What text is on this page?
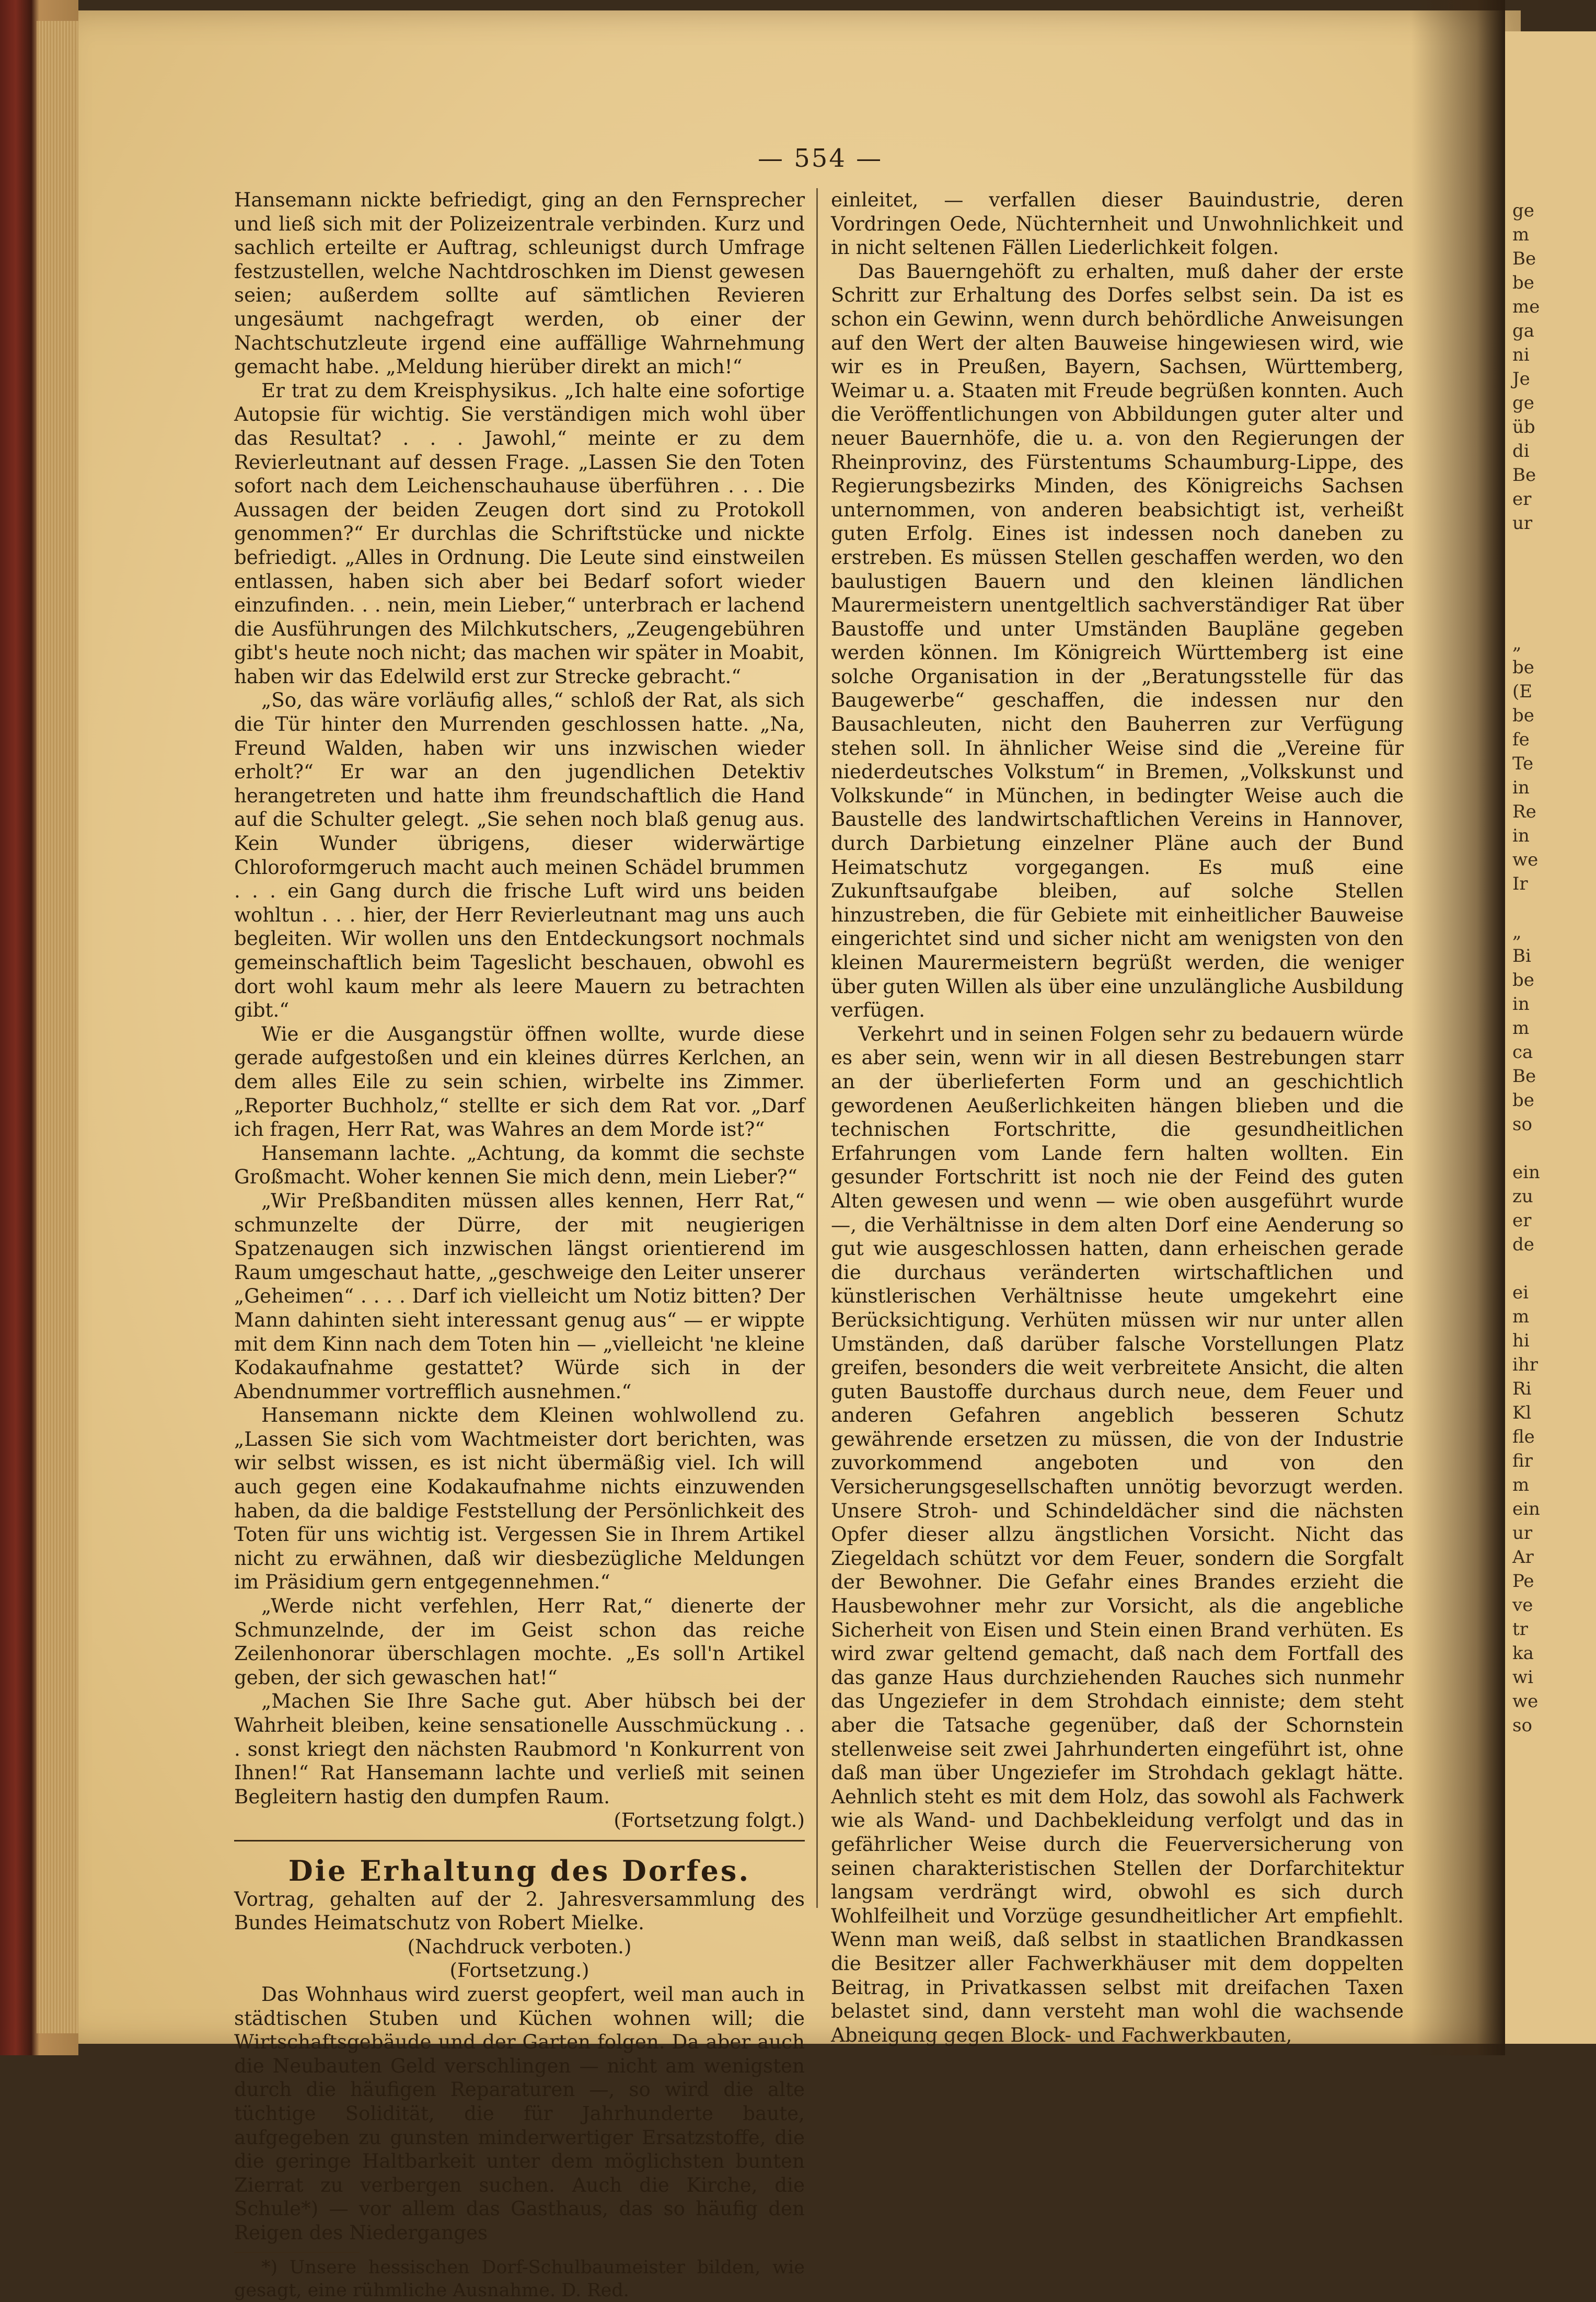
— 554 —

Hansemann nickte befriedigt, ging an den Fernsprecher und ließ sich mit der Polizeizentrale verbinden. Kurz und sachlich erteilte er Auftrag, schleunigst durch Umfrage festzustellen, welche Nachtdroschken im Dienst gewesen seien; außerdem sollte auf sämtlichen Revieren ungesäumt nachgefragt werden, ob einer der Nachtschutzleute irgend eine auffällige Wahrnehmung gemacht habe. „Meldung hierüber direkt an mich!“

Er trat zu dem Kreisphysikus. „Ich halte eine sofortige Autopsie für wichtig. Sie verständigen mich wohl über das Resultat? . . . Jawohl,“ meinte er zu dem Revierleutnant auf dessen Frage. „Lassen Sie den Toten sofort nach dem Leichenschauhause überführen . . . Die Aussagen der beiden Zeugen dort sind zu Protokoll genommen?“ Er durchlas die Schriftstücke und nickte befriedigt. „Alles in Ordnung. Die Leute sind einstweilen entlassen, haben sich aber bei Bedarf sofort wieder einzufinden. . . nein, mein Lieber,“ unterbrach er lachend die Ausführungen des Milchkutschers, „Zeugengebühren gibt's heute noch nicht; das machen wir später in Moabit, haben wir das Edelwild erst zur Strecke gebracht.“

„So, das wäre vorläufig alles,“ schloß der Rat, als sich die Tür hinter den Murrenden geschlossen hatte. „Na, Freund Walden, haben wir uns inzwischen wieder erholt?“ Er war an den jugendlichen Detektiv herangetreten und hatte ihm freundschaftlich die Hand auf die Schulter gelegt. „Sie sehen noch blaß genug aus. Kein Wunder übrigens, dieser widerwärtige Chloroformgeruch macht auch meinen Schädel brummen . . . ein Gang durch die frische Luft wird uns beiden wohltun . . . hier, der Herr Revierleutnant mag uns auch begleiten. Wir wollen uns den Entdeckungsort nochmals gemeinschaftlich beim Tageslicht beschauen, obwohl es dort wohl kaum mehr als leere Mauern zu betrachten gibt.“

Wie er die Ausgangstür öffnen wollte, wurde diese gerade aufgestoßen und ein kleines dürres Kerlchen, an dem alles Eile zu sein schien, wirbelte ins Zimmer. „Reporter Buchholz,“ stellte er sich dem Rat vor. „Darf ich fragen, Herr Rat, was Wahres an dem Morde ist?“

Hansemann lachte. „Achtung, da kommt die sechste Großmacht. Woher kennen Sie mich denn, mein Lieber?“

„Wir Preßbanditen müssen alles kennen, Herr Rat,“ schmunzelte der Dürre, der mit neugierigen Spatzenaugen sich inzwischen längst orientierend im Raum umgeschaut hatte, „geschweige den Leiter unserer „Geheimen“ . . . . Darf ich vielleicht um Notiz bitten? Der Mann dahinten sieht interessant genug aus“ — er wippte mit dem Kinn nach dem Toten hin — „vielleicht 'ne kleine Kodakaufnahme gestattet? Würde sich in der Abendnummer vortrefflich ausnehmen.“

Hansemann nickte dem Kleinen wohlwollend zu. „Lassen Sie sich vom Wachtmeister dort berichten, was wir selbst wissen, es ist nicht übermäßig viel. Ich will auch gegen eine Kodakaufnahme nichts einzuwenden haben, da die baldige Feststellung der Persönlichkeit des Toten für uns wichtig ist. Vergessen Sie in Ihrem Artikel nicht zu erwähnen, daß wir diesbezügliche Meldungen im Präsidium gern entgegennehmen.“

„Werde nicht verfehlen, Herr Rat,“ dienerte der Schmunzelnde, der im Geist schon das reiche Zeilenhonorar überschlagen mochte. „Es soll'n Artikel geben, der sich gewaschen hat!“

„Machen Sie Ihre Sache gut. Aber hübsch bei der Wahrheit bleiben, keine sensationelle Ausschmückung . . . sonst kriegt den nächsten Raubmord 'n Konkurrent von Ihnen!“ Rat Hansemann lachte und verließ mit seinen Begleitern hastig den dumpfen Raum.

(Fortsetzung folgt.)

Die Erhaltung des Dorfes.

Vortrag, gehalten auf der 2. Jahresversammlung des Bundes Heimatschutz von Robert Mielke.

(Nachdruck verboten.)

(Fortsetzung.)

Das Wohnhaus wird zuerst geopfert, weil man auch in städtischen Stuben und Küchen wohnen will; die Wirtschaftsgebäude und der Garten folgen. Da aber auch die Neubauten Geld verschlingen — nicht am wenigsten durch die häufigen Reparaturen —, so wird die alte tüchtige Solidität, die für Jahrhunderte baute, aufgegeben zu gunsten minderwertiger Ersatzstoffe, die die geringe Haltbarkeit unter dem möglichsten bunten Zierrat zu verbergen suchen. Auch die Kirche, die Schule*) — vor allem das Gasthaus, das so häufig den Reigen des Niederganges

*) Unsere hessischen Dorf-Schulbaumeister bilden, wie gesagt, eine rühmliche Ausnahme. D. Red.

einleitet, — verfallen dieser Bauindustrie, deren Vordringen Oede, Nüchternheit und Unwohnlichkeit und in nicht seltenen Fällen Liederlichkeit folgen.

Das Bauerngehöft zu erhalten, muß daher der erste Schritt zur Erhaltung des Dorfes selbst sein. Da ist es schon ein Gewinn, wenn durch behördliche Anweisungen auf den Wert der alten Bauweise hingewiesen wird, wie wir es in Preußen, Bayern, Sachsen, Württemberg, Weimar u. a. Staaten mit Freude begrüßen konnten. Auch die Veröffentlichungen von Abbildungen guter alter und neuer Bauernhöfe, die u. a. von den Regierungen der Rheinprovinz, des Fürstentums Schaumburg-Lippe, des Regierungsbezirks Minden, des Königreichs Sachsen unternommen, von anderen beabsichtigt ist, verheißt guten Erfolg. Eines ist indessen noch daneben zu erstreben. Es müssen Stellen geschaffen werden, wo den baulustigen Bauern und den kleinen ländlichen Maurermeistern unentgeltlich sachverständiger Rat über Baustoffe und unter Umständen Baupläne gegeben werden können. Im Königreich Württemberg ist eine solche Organisation in der „Beratungsstelle für das Baugewerbe“ geschaffen, die indessen nur den Bausachleuten, nicht den Bauherren zur Verfügung stehen soll. In ähnlicher Weise sind die „Vereine für niederdeutsches Volkstum“ in Bremen, „Volkskunst und Volkskunde“ in München, in bedingter Weise auch die Baustelle des landwirtschaftlichen Vereins in Hannover, durch Darbietung einzelner Pläne auch der Bund Heimatschutz vorgegangen. Es muß eine Zukunftsaufgabe bleiben, auf solche Stellen hinzustreben, die für Gebiete mit einheitlicher Bauweise eingerichtet sind und sicher nicht am wenigsten von den kleinen Maurermeistern begrüßt werden, die weniger über guten Willen als über eine unzulängliche Ausbildung verfügen.

Verkehrt und in seinen Folgen sehr zu bedauern würde es aber sein, wenn wir in all diesen Bestrebungen starr an der überlieferten Form und an geschichtlich gewordenen Aeußerlichkeiten hängen blieben und die technischen Fortschritte, die gesundheitlichen Erfahrungen vom Lande fern halten wollten. Ein gesunder Fortschritt ist noch nie der Feind des guten Alten gewesen und wenn — wie oben ausgeführt wurde —, die Verhältnisse in dem alten Dorf eine Aenderung so gut wie ausgeschlossen hatten, dann erheischen gerade die durchaus veränderten wirtschaftlichen und künstlerischen Verhältnisse heute umgekehrt eine Berücksichtigung. Verhüten müssen wir nur unter allen Umständen, daß darüber falsche Vorstellungen Platz greifen, besonders die weit verbreitete Ansicht, die alten guten Baustoffe durchaus durch neue, dem Feuer und anderen Gefahren angeblich besseren Schutz gewährende ersetzen zu müssen, die von der Industrie zuvorkommend angeboten und von den Versicherungsgesellschaften unnötig bevorzugt werden. Unsere Stroh- und Schindeldächer sind die nächsten Opfer dieser allzu ängstlichen Vorsicht. Nicht das Ziegeldach schützt vor dem Feuer, sondern die Sorgfalt der Bewohner. Die Gefahr eines Brandes erzieht die Hausbewohner mehr zur Vorsicht, als die angebliche Sicherheit von Eisen und Stein einen Brand verhüten. Es wird zwar geltend gemacht, daß nach dem Fortfall des das ganze Haus durchziehenden Rauches sich nunmehr das Ungeziefer in dem Strohdach einniste; dem steht aber die Tatsache gegenüber, daß der Schornstein stellenweise seit zwei Jahrhunderten eingeführt ist, ohne daß man über Ungeziefer im Strohdach geklagt hätte. Aehnlich steht es mit dem Holz, das sowohl als Fachwerk wie als Wand- und Dachbekleidung verfolgt und das in gefährlicher Weise durch die Feuerversicherung von seinen charakteristischen Stellen der Dorfarchitektur langsam verdrängt wird, obwohl es sich durch Wohlfeilheit und Vorzüge gesundheitlicher Art empfiehlt. Wenn man weiß, daß selbst in staatlichen Brandkassen die Besitzer aller Fachwerkhäuser mit dem doppelten Beitrag, in Privatkassen selbst mit dreifachen Taxen belastet sind, dann versteht man wohl die wachsende Abneigung gegen Block- und Fachwerkbauten,

ge
m
Be
be
me
ga
ni
Je
ge
üb
di
Be
er
ur

„
be
(E
be
fe
Te
in
Re
in
we
Ir

„
Bi
be
in
m
ca
Be
be
so

ein
zu
er
de

ei
m
hi
ihr
Ri
Kl
fle
fir
m
ein
ur
Ar
Pe
ve
tr
ka
wi
we
so
